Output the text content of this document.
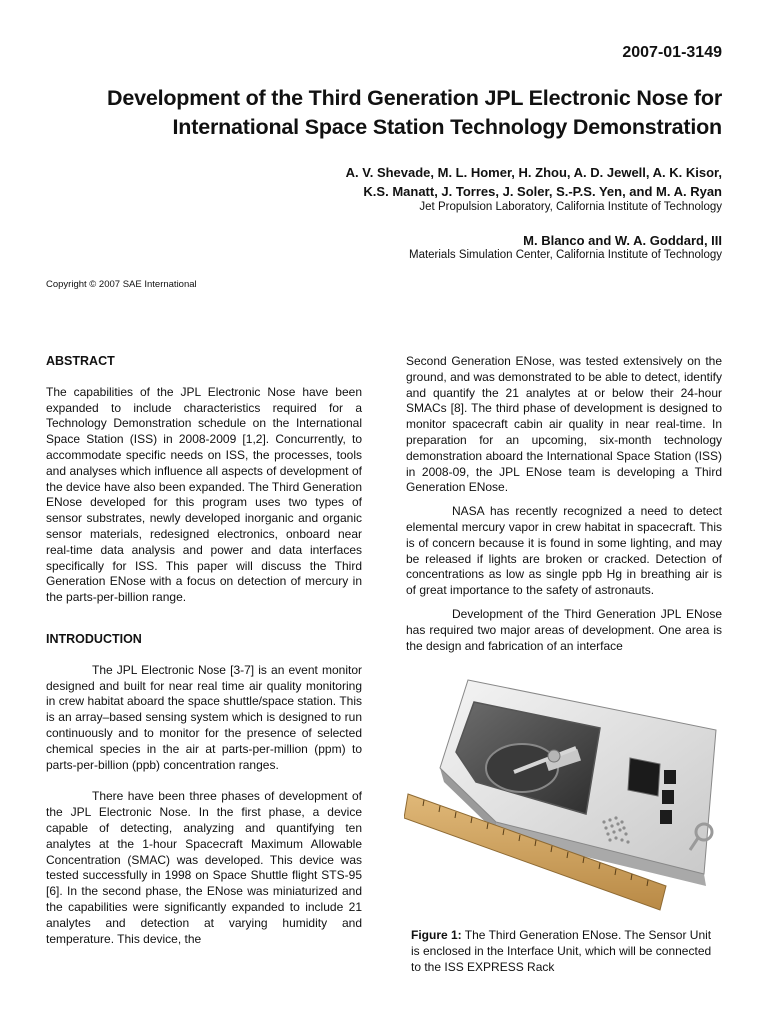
2007-01-3149
Development of the Third Generation JPL Electronic Nose for
International Space Station Technology Demonstration
A. V. Shevade, M. L. Homer, H. Zhou, A. D. Jewell, A. K. Kisor,
K.S. Manatt, J. Torres, J. Soler, S.-P.S. Yen, and M. A. Ryan
Jet Propulsion Laboratory, California Institute of Technology
M. Blanco and W. A. Goddard, III
Materials Simulation Center, California Institute of Technology
Copyright © 2007 SAE International
ABSTRACT

The capabilities of the JPL Electronic Nose have been expanded to include characteristics required for a Technology Demonstration schedule on the International Space Station (ISS) in 2008-2009 [1,2]. Concurrently, to accommodate specific needs on ISS, the processes, tools and analyses which influence all aspects of development of the device have also been expanded. The Third Generation ENose developed for this program uses two types of sensor substrates, newly developed inorganic and organic sensor materials, redesigned electronics, onboard near real-time data analysis and power and data interfaces specifically for ISS. This paper will discuss the Third Generation ENose with a focus on detection of mercury in the parts-per-billion range.

INTRODUCTION

The JPL Electronic Nose [3-7] is an event monitor designed and built for near real time air quality monitoring in crew habitat aboard the space shuttle/space station. This is an array–based sensing system which is designed to run continuously and to monitor for the presence of selected chemical species in the air at parts-per-million (ppm) to parts-per-billion (ppb) concentration ranges.

There have been three phases of development of the JPL Electronic Nose. In the first phase, a device capable of detecting, analyzing and quantifying ten analytes at the 1-hour Spacecraft Maximum Allowable Concentration (SMAC) was developed. This device was tested successfully in 1998 on Space Shuttle flight STS-95 [6]. In the second phase, the ENose was miniaturized and the capabilities were significantly expanded to include 21 analytes and detection at varying humidity and temperature. This device, the

Second Generation ENose, was tested extensively on the ground, and was demonstrated to be able to detect, identify and quantify the 21 analytes at or below their 24-hour SMACs [8]. The third phase of development is designed to monitor spacecraft cabin air quality in near real-time. In preparation for an upcoming, six-month technology demonstration aboard the International Space Station (ISS) in 2008-09, the JPL ENose team is developing a Third Generation ENose.

NASA has recently recognized a need to detect elemental mercury vapor in crew habitat in spacecraft. This is of concern because it is found in some lighting, and may be released if lights are broken or cracked. Detection of concentrations as low as single ppb Hg in breathing air is of great importance to the safety of astronauts.

Development of the Third Generation JPL ENose has required two major areas of development. One area is the design and fabrication of an interface

Figure 1: The Third Generation ENose. The Sensor Unit is enclosed in the Interface Unit, which will be connected to the ISS EXPRESS Rack
